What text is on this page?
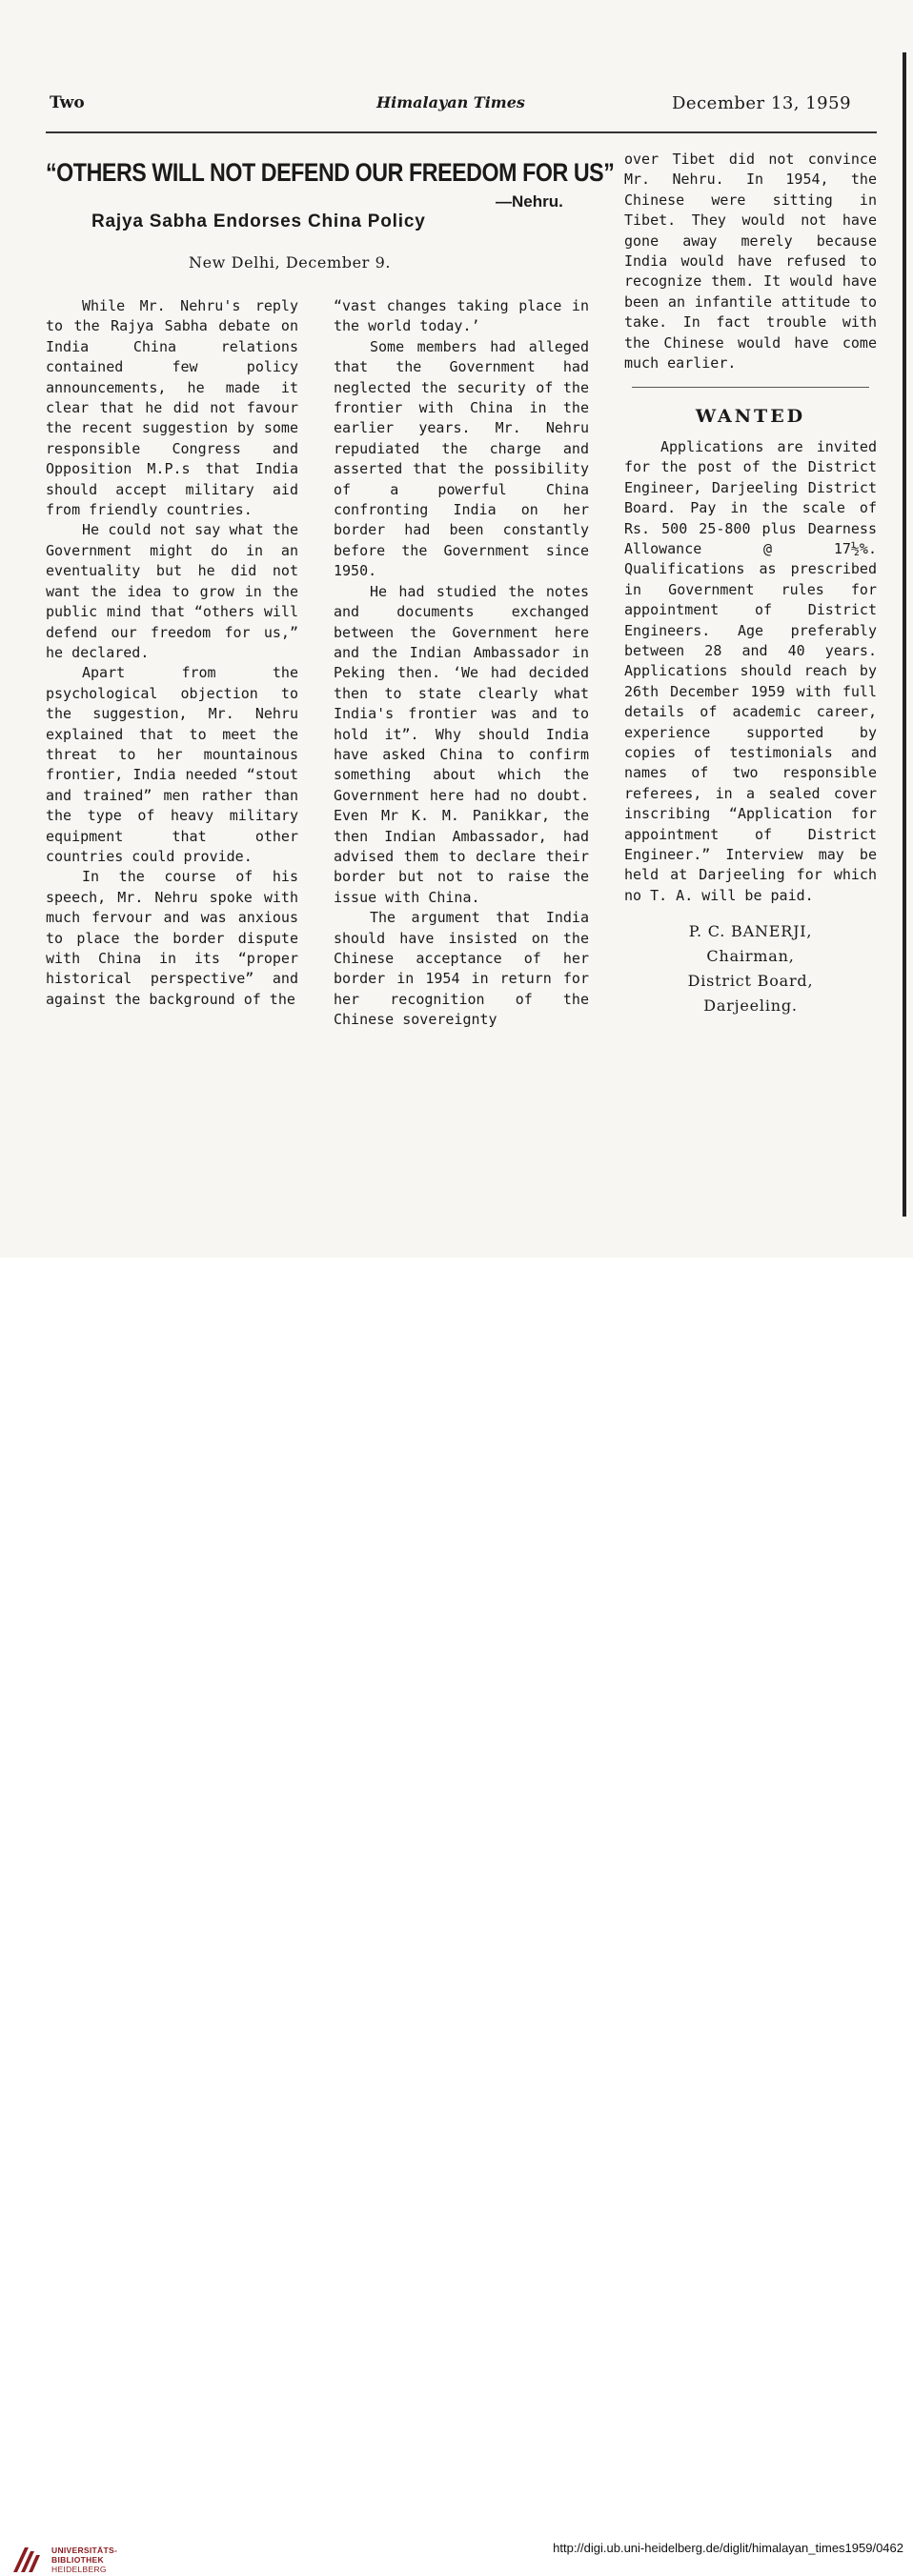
Two	Himalayan Times	December 13, 1959
“OTHERS WILL NOT DEFEND OUR FREEDOM FOR US”
—Nehru.
Rajya Sabha Endorses China Policy
New Delhi, December 9.

While Mr. Nehru's reply to the Rajya Sabha debate on India China relations contained few policy announcements, he made it clear that he did not favour the recent suggestion by some responsible Congress and Opposition M.P.s that India should accept military aid from friendly countries.

He could not say what the Government might do in an eventuality but he did not want the idea to grow in the public mind that “others will defend our freedom for us,” he declared.

Apart from the psychological objection to the suggestion, Mr. Nehru explained that to meet the threat to her mountainous frontier, India needed “stout and trained” men rather than the type of heavy military equipment that other countries could provide.

In the course of his speech, Mr. Nehru spoke with much fervour and was anxious to place the border dispute with China in its “proper historical perspective” and against the background of the

“vast changes taking place in the world today.’

Some members had alleged that the Government had neglected the security of the frontier with China in the earlier years. Mr. Nehru repudiated the charge and asserted that the possibility of a powerful China confronting India on her border had been constantly before the Government since 1950.

He had studied the notes and documents exchanged between the Government here and the Indian Ambassador in Peking then. ‘We had decided then to state clearly what India's frontier was and to hold it”. Why should India have asked China to confirm something about which the Government here had no doubt. Even Mr K. M. Panikkar, the then Indian Ambassador, had advised them to declare their border but not to raise the issue with China.

The argument that India should have insisted on the Chinese acceptance of her border in 1954 in return for her recognition of the Chinese sovereignty

over Tibet did not convince Mr. Nehru. In 1954, the Chinese were sitting in Tibet. They would not have gone away merely because India would have refused to recognize them. It would have been an infantile attitude to take. In fact trouble with the Chinese would have come much earlier.

WANTED

Applications are invited for the post of the District Engineer, Darjeeling District Board. Pay in the scale of Rs. 500 25-800 plus Dearness Allowance @ 17½%. Qualifications as prescribed in Government rules for appointment of District Engineers. Age preferably between 28 and 40 years. Applications should reach by 26th December 1959 with full details of academic career, experience supported by copies of testimonials and names of two responsible referees, in a sealed cover inscribing “Application for appointment of District Engineer.” Interview may be held at Darjeeling for which no T. A. will be paid.

P. C. BANERJI,
Chairman,
District Board,
Darjeeling.
UNIVERSITÄTS-
BIBLIOTHEK
HEIDELBERG
http://digi.ub.uni-heidelberg.de/diglit/himalayan_times1959/0462
